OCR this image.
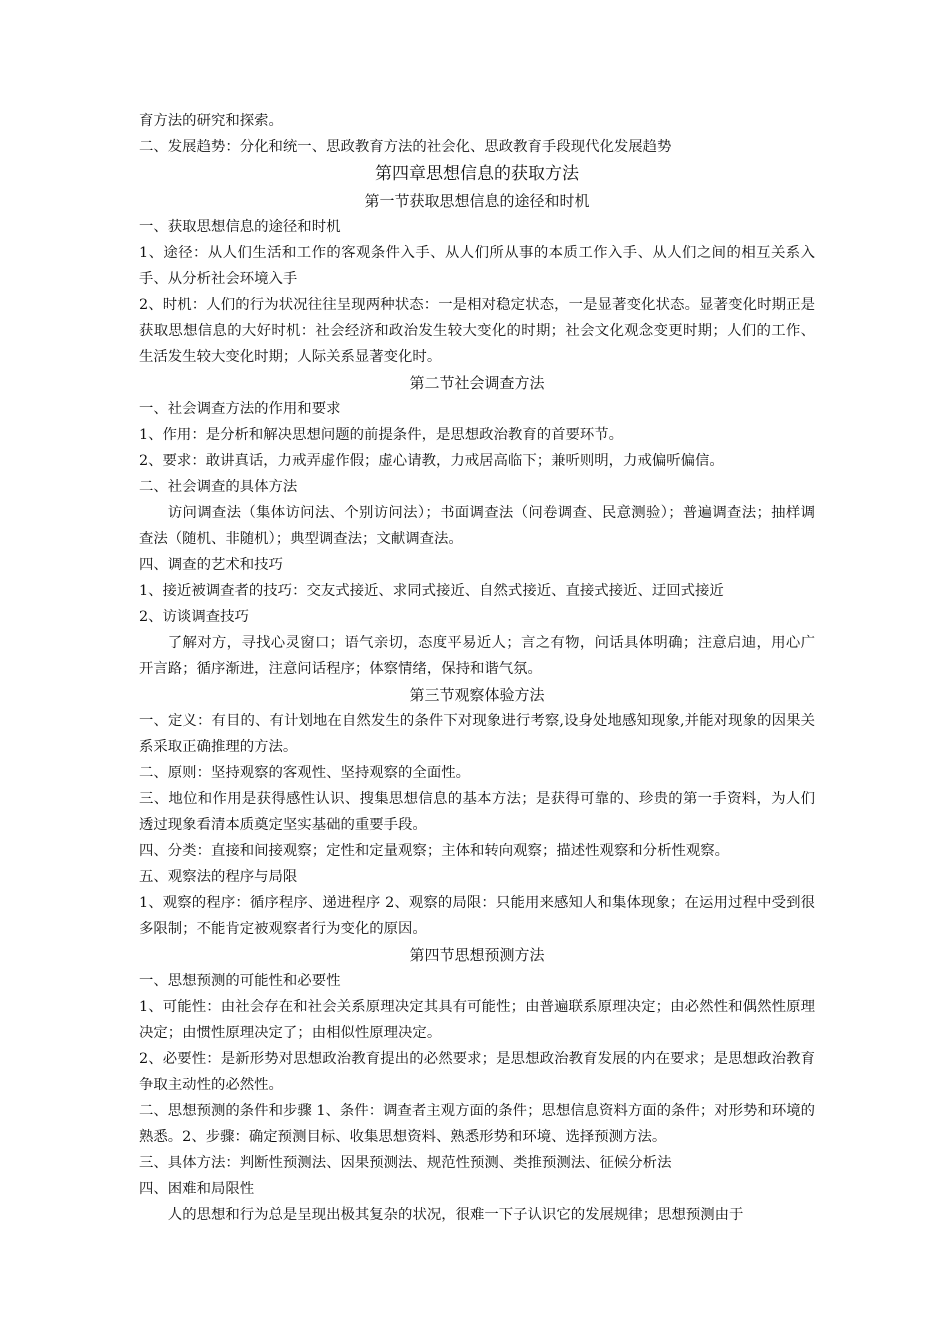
育方法的研究和探索。

二、发展趋势：分化和统一、思政教育方法的社会化、思政教育手段现代化发展趋势

第四章思想信息的获取方法

第一节获取思想信息的途径和时机

一、获取思想信息的途径和时机

1、途径：从人们生活和工作的客观条件入手、从人们所从事的本质工作入手、从人们之间的相互关系入手、从分析社会环境入手

2、时机：人们的行为状况往往呈现两种状态：一是相对稳定状态，一是显著变化状态。显著变化时期正是获取思想信息的大好时机：社会经济和政治发生较大变化的时期；社会文化观念变更时期；人们的工作、生活发生较大变化时期；人际关系显著变化时。

第二节社会调查方法

一、社会调查方法的作用和要求

1、作用：是分析和解决思想问题的前提条件，是思想政治教育的首要环节。

2、要求：敢讲真话，力戒弄虚作假；虚心请教，力戒居高临下；兼听则明，力戒偏听偏信。

二、社会调查的具体方法

访问调查法（集体访问法、个别访问法）；书面调查法（问卷调查、民意测验）；普遍调查法；抽样调查法（随机、非随机）；典型调查法；文献调查法。

四、调查的艺术和技巧

1、接近被调查者的技巧：交友式接近、求同式接近、自然式接近、直接式接近、迂回式接近

2、访谈调查技巧

了解对方，寻找心灵窗口；语气亲切，态度平易近人；言之有物，问话具体明确；注意启迪，用心广开言路；循序渐进，注意问话程序；体察情绪，保持和谐气氛。

第三节观察体验方法

一、定义：有目的、有计划地在自然发生的条件下对现象进行考察,设身处地感知现象,并能对现象的因果关系采取正确推理的方法。

二、原则：坚持观察的客观性、坚持观察的全面性。

三、地位和作用是获得感性认识、搜集思想信息的基本方法；是获得可靠的、珍贵的第一手资料，为人们透过现象看清本质奠定坚实基础的重要手段。

四、分类：直接和间接观察；定性和定量观察；主体和转向观察；描述性观察和分析性观察。

五、观察法的程序与局限

1、观察的程序：循序程序、递进程序 2、观察的局限：只能用来感知人和集体现象；在运用过程中受到很多限制；不能肯定被观察者行为变化的原因。

第四节思想预测方法

一、思想预测的可能性和必要性

1、可能性：由社会存在和社会关系原理决定其具有可能性；由普遍联系原理决定；由必然性和偶然性原理决定；由惯性原理决定了；由相似性原理决定。

2、必要性：是新形势对思想政治教育提出的必然要求；是思想政治教育发展的内在要求；是思想政治教育争取主动性的必然性。

二、思想预测的条件和步骤 1、条件：调查者主观方面的条件；思想信息资料方面的条件；对形势和环境的熟悉。2、步骤：确定预测目标、收集思想资料、熟悉形势和环境、选择预测方法。

三、具体方法：判断性预测法、因果预测法、规范性预测、类推预测法、征候分析法

四、困难和局限性

人的思想和行为总是呈现出极其复杂的状况，很难一下子认识它的发展规律；思想预测由于
